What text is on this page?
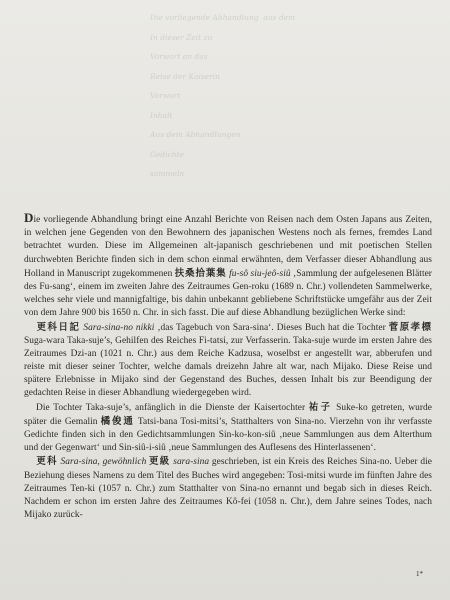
Die vorliegende Abhandlung  aus dem
In dieser Zeit zu
Vorwort an das
Reise der Kaiserin
Vorwort
Inhalt
Aus dem Abhandlungen
Gedichte
sammeln

Die vorliegende Abhandlung bringt eine Anzahl Berichte von Reisen nach dem Osten Japans aus Zeiten, in welchen jene Gegenden von den Bewohnern des japanischen Westens noch als fernes, fremdes Land betrachtet wurden. Diese im Allgemeinen alt-japanisch geschriebenen und mit poetischen Stellen durchwebten Berichte finden sich in dem schon einmal erwähnten, dem Verfasser dieser Abhandlung aus Holland in Manuscript zugekommenen 扶桑拾葉集 fu-sô siu-jeô-siû ‚Sammlung der aufgelesenen Blätter des Fu-sang‘, einem im zweiten Jahre des Zeitraumes Gen-roku (1689 n. Chr.) vollendeten Sammelwerke, welches sehr viele und mannigfaltige, bis dahin unbekannt gebliebene Schriftstücke umgefähr aus der Zeit von dem Jahre 900 bis 1650 n. Chr. in sich fasst. Die auf diese Abhandlung bezüglichen Werke sind:

更科日記 Sara-sina-no nikki ‚das Tagebuch von Sara-sina‘. Dieses Buch hat die Tochter 菅原孝標 Suga-wara Taka-suje’s, Gehilfen des Reiches Fi-tatsi, zur Verfasserin. Taka-suje wurde im ersten Jahre des Zeitraumes Dzi-an (1021 n. Chr.) aus dem Reiche Kadzusa, woselbst er angestellt war, abberufen und reiste mit dieser seiner Tochter, welche damals dreizehn Jahre alt war, nach Mijako. Diese Reise und spätere Erlebnisse in Mijako sind der Gegenstand des Buches, dessen Inhalt bis zur Beendigung der gedachten Reise in dieser Abhandlung wiedergegeben wird.

Die Tochter Taka-suje’s, anfänglich in die Dienste der Kaisertochter 祐子 Suke-ko getreten, wurde später die Gemalin 橘俊通 Tatsi-bana Tosi-mitsi’s, Statthalters von Sina-no. Vierzehn von ihr verfasste Gedichte finden sich in den Gedichtsammlungen Sin-ko-kon-siû ‚neue Sammlungen aus dem Alterthum und der Gegenwart‘ und Sin-siû-i-siû ‚neue Sammlungen des Auflesens des Hinterlassenen‘.

更科 Sara-sina, gewöhnlich 更級 sara-sina geschrieben, ist ein Kreis des Reiches Sina-no. Ueber die Beziehung dieses Namens zu dem Titel des Buches wird angegeben: Tosi-mitsi wurde im fünften Jahre des Zeitraumes Ten-ki (1057 n. Chr.) zum Statthalter von Sina-no ernannt und begab sich in dieses Reich. Nachdem er schon im ersten Jahre des Zeitraumes Kô-fei (1058 n. Chr.), dem Jahre seines Todes, nach Mijako zurück-

1*
